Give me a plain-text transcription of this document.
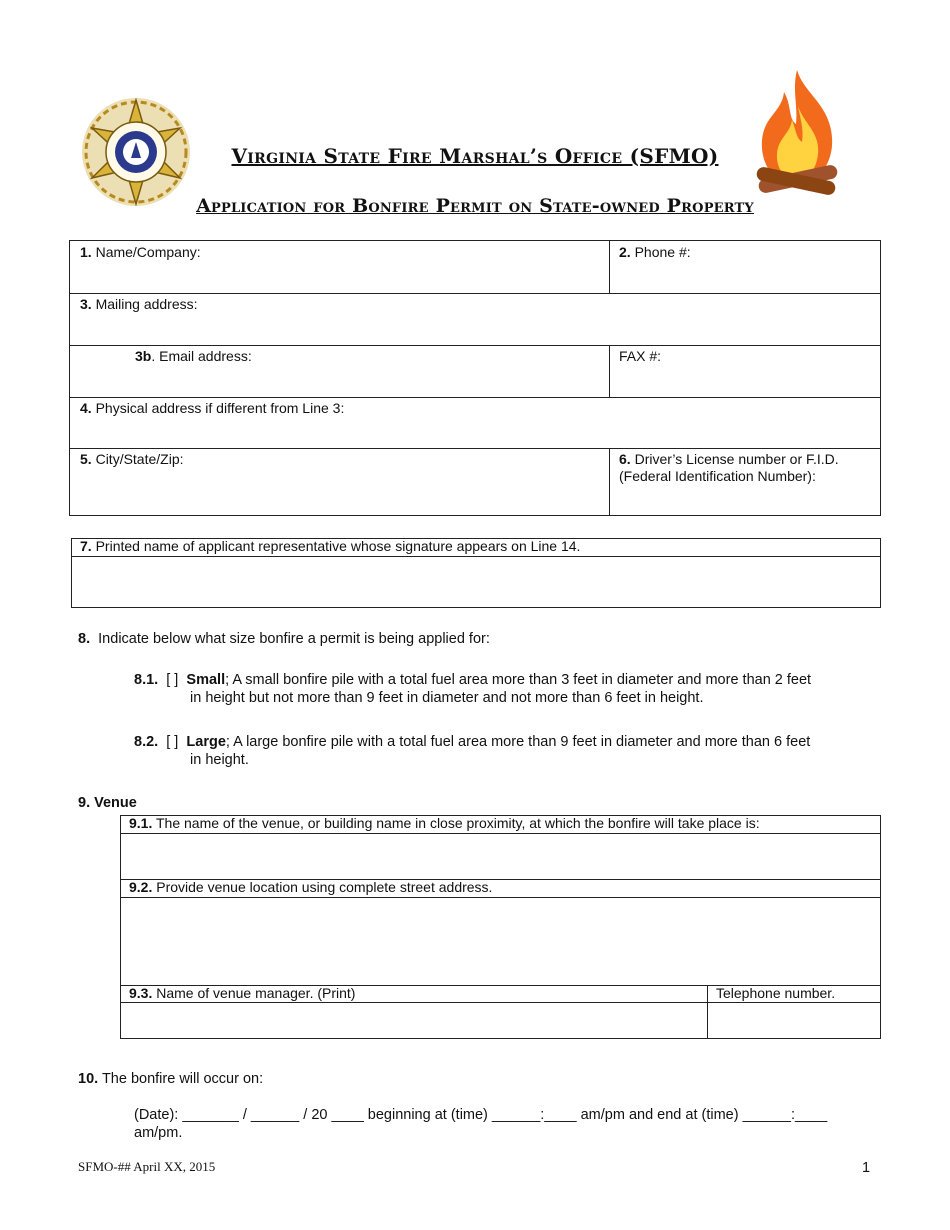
Virginia State Fire Marshal’s Office (SFMO)
Application for Bonfire Permit on State-owned Property
1. Name/Company:	2. Phone #:
3. Mailing address:
3b. Email address:	FAX #:
4. Physical address if different from Line 3:
5. City/State/Zip:	6. Driver’s License number or F.I.D.
(Federal Identification Number):
7. Printed name of applicant representative whose signature appears on Line 14.
8. Indicate below what size bonfire a permit is being applied for:
8.1. [ ] Small; A small bonfire pile with a total fuel area more than 3 feet in diameter and more than 2 feet
in height but not more than 9 feet in diameter and not more than 6 feet in height.
8.2. [ ] Large; A large bonfire pile with a total fuel area more than 9 feet in diameter and more than 6 feet
in height.
9. Venue
9.1. The name of the venue, or building name in close proximity, at which the bonfire will take place is:
9.2. Provide venue location using complete street address.
9.3. Name of venue manager. (Print)	Telephone number.
10. The bonfire will occur on:
(Date): _______ / ______ / 20 ____ beginning at (time) ______:____ am/pm and end at (time) ______:____
am/pm.
SFMO-## April XX, 2015	1
